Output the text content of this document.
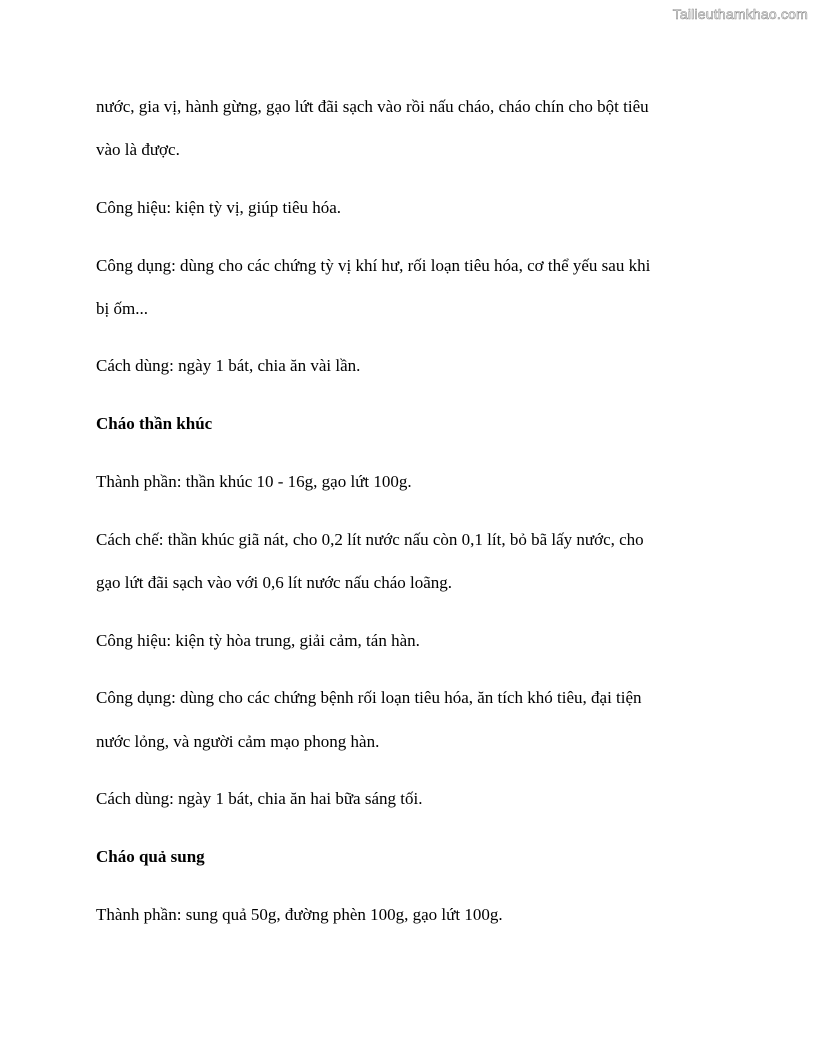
Tailieuthamkhao.com
nước, gia vị, hành gừng, gạo lứt đãi sạch vào rồi nấu cháo, cháo chín cho bột tiêu
vào là được.
Công hiệu: kiện tỳ vị, giúp tiêu hóa.
Công dụng: dùng cho các chứng tỳ vị khí hư, rối loạn tiêu hóa, cơ thể yếu sau khi
bị ốm...
Cách dùng: ngày 1 bát, chia ăn vài lần.
Cháo thần khúc
Thành phần: thần khúc 10 - 16g, gạo lứt 100g.
Cách chế: thần khúc giã nát, cho 0,2 lít nước nấu còn 0,1 lít, bỏ bã lấy nước, cho
gạo lứt đãi sạch vào với 0,6 lít nước nấu cháo loãng.
Công hiệu: kiện tỳ hòa trung, giải cảm, tán hàn.
Công dụng: dùng cho các chứng bệnh rối loạn tiêu hóa, ăn tích khó tiêu, đại tiện
nước lỏng, và người cảm mạo phong hàn.
Cách dùng: ngày 1 bát, chia ăn hai bữa sáng tối.
Cháo quả sung
Thành phần: sung quả 50g, đường phèn 100g, gạo lứt 100g.
